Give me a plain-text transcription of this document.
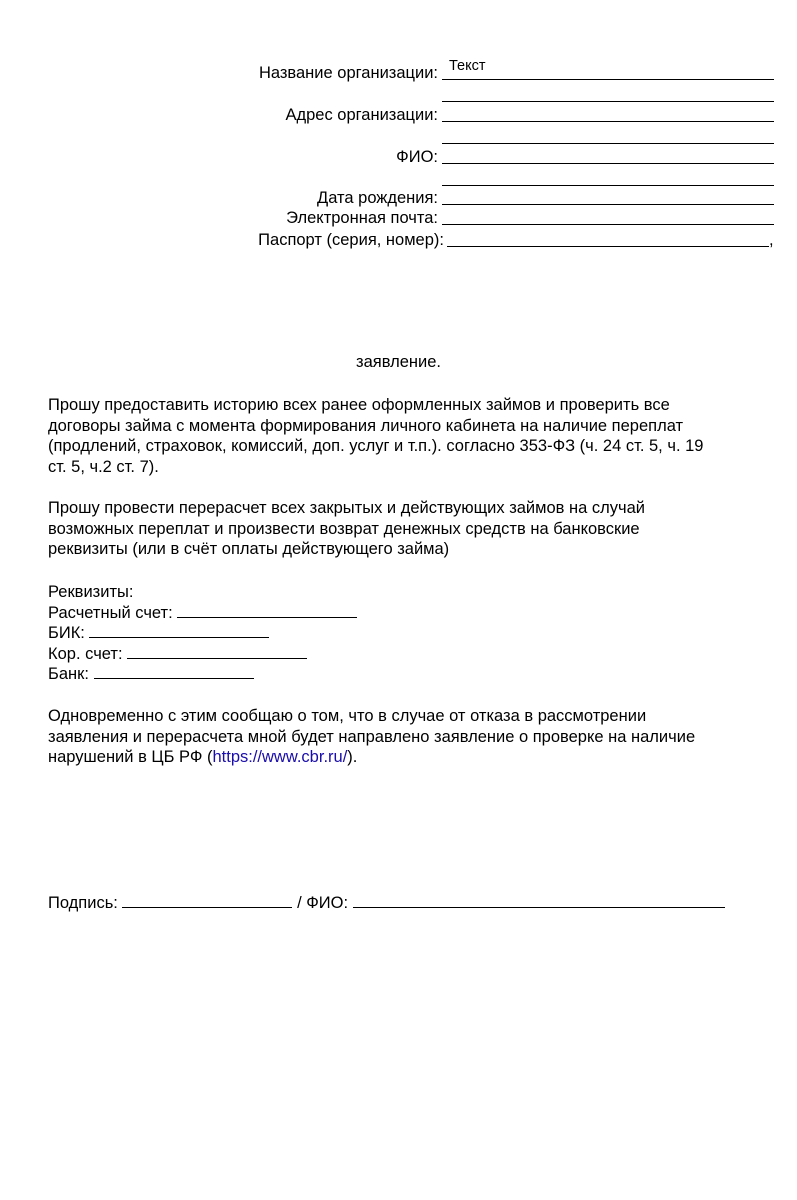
Название организации: Текст
Адрес организации:
ФИО:
Дата рождения:
Электронная почта:
Паспорт (серия, номер):	,
заявление.
Прошу предоставить историю всех ранее оформленных займов и проверить все
договоры займа с момента формирования личного кабинета на наличие переплат
(продлений, страховок, комиссий, доп. услуг и т.п.). согласно 353-ФЗ (ч. 24 ст. 5, ч. 19
ст. 5, ч.2 ст. 7).
Прошу провести перерасчет всех закрытых и действующих займов на случай
возможных переплат и произвести возврат денежных средств на банковские
реквизиты (или в счёт оплаты действующего займа)
Реквизиты:
Расчетный счет:
БИК:
Кор. счет:
Банк:
Одновременно с этим сообщаю о том, что в случае от отказа в рассмотрении
заявления и перерасчета мной будет направлено заявление о проверке на наличие
нарушений в ЦБ РФ (https://www.cbr.ru/).
Подпись:	/ ФИО:
